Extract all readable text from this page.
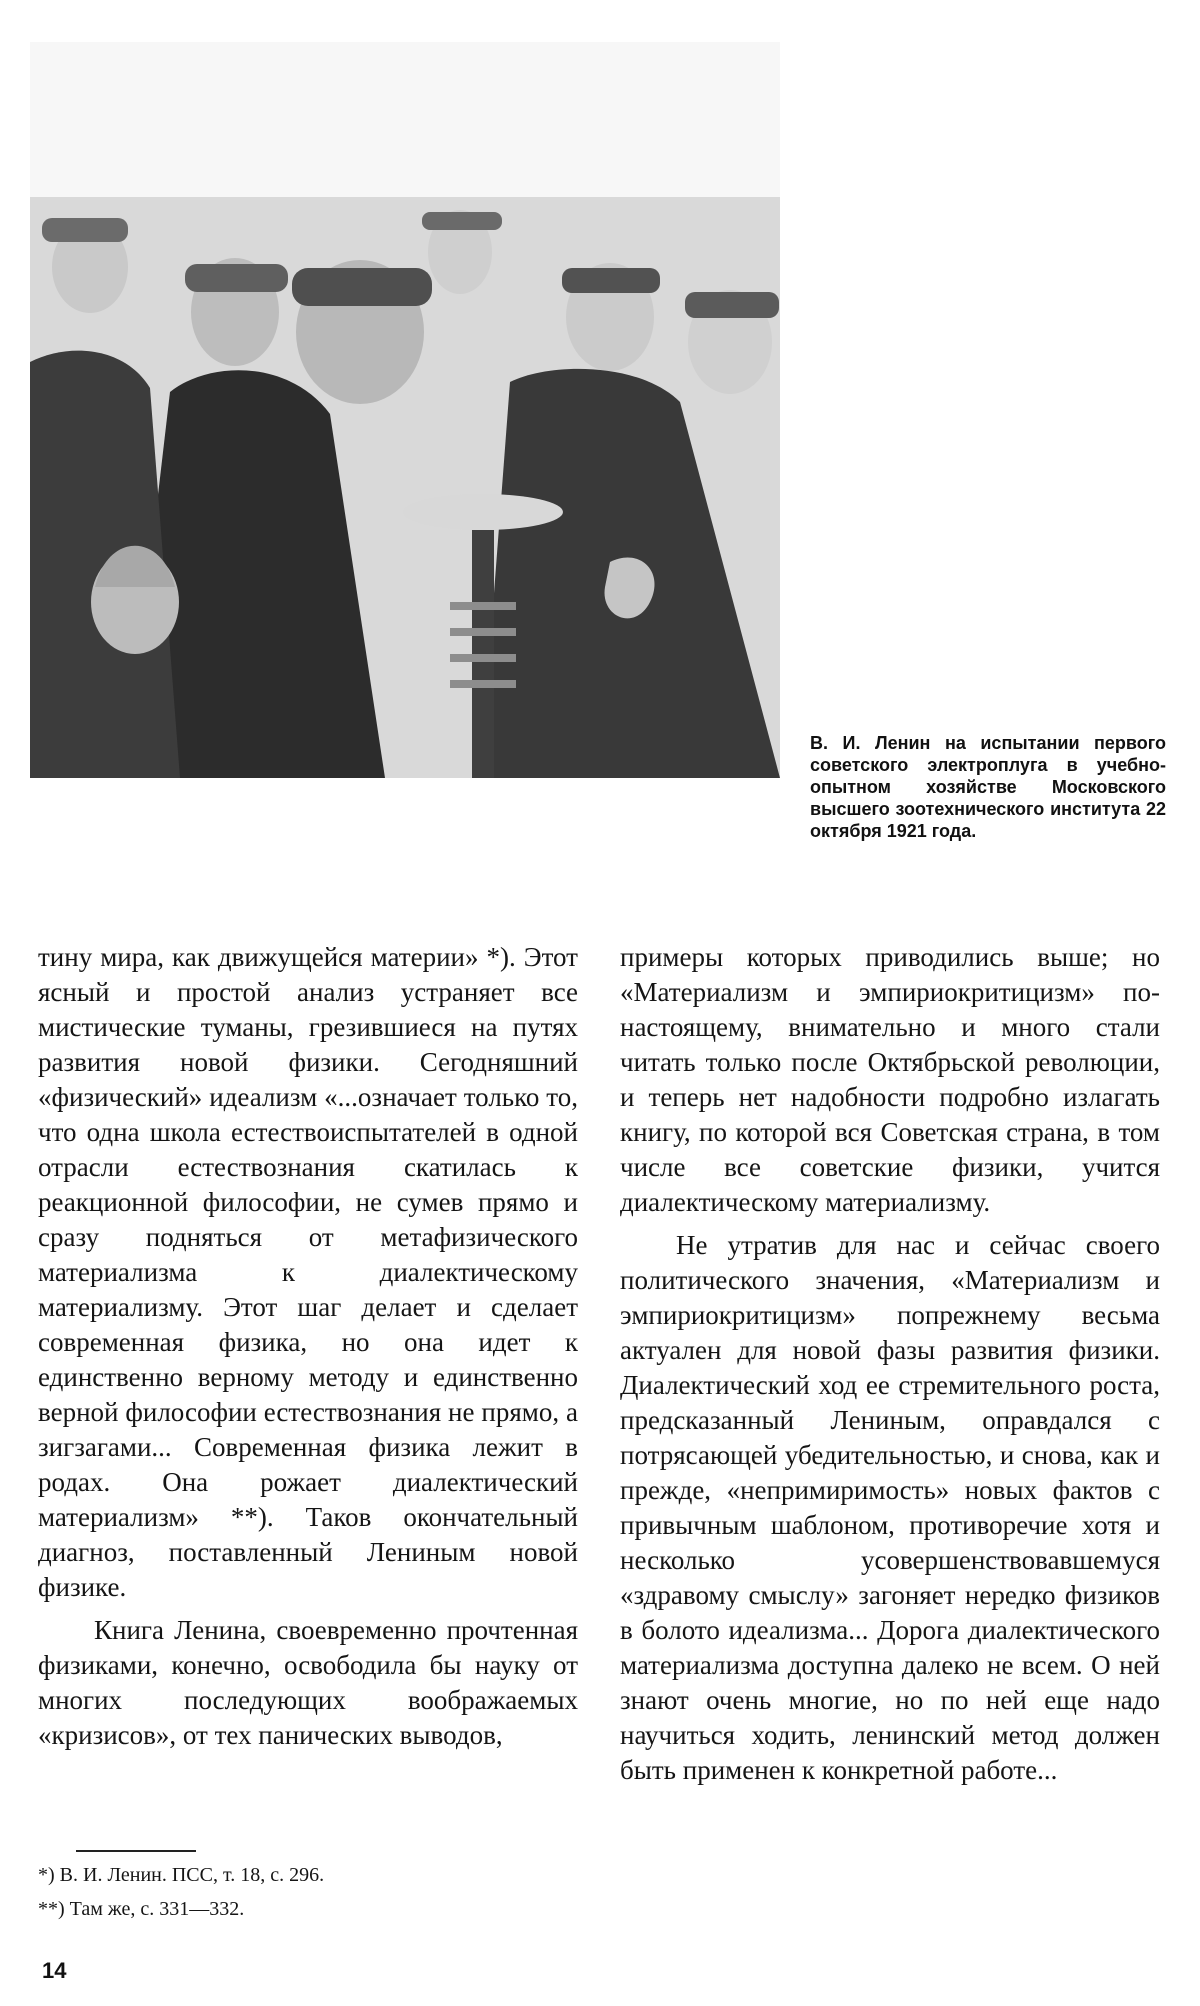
В. И. Ленин на испытании первого советского электроплуга в учебно-опытном хозяйстве Московского высшего зоотехнического института 22 октября 1921 года.

тину мира, как движущейся материи» *). Этот ясный и простой анализ устраняет все мистические туманы, грезившиеся на путях развития новой физики. Сегодняшний «физический» идеализм «...означает только то, что одна школа естествоиспытателей в одной отрасли естествознания скатилась к реакционной философии, не сумев прямо и сразу подняться от метафизического материализма к диалектическому материализму. Этот шаг делает и сделает современная физика, но она идет к единственно верному методу и единственно верной философии естествознания не прямо, а зигзагами... Современная физика лежит в родах. Она рожает диалектический материализм» **). Таков окончательный диагноз, поставленный Лениным новой физике.

Книга Ленина, своевременно прочтенная физиками, конечно, освободила бы науку от многих последующих воображаемых «кризисов», от тех панических выводов,

примеры которых приводились выше; но «Материализм и эмпириокритицизм» по-настоящему, внимательно и много стали читать только после Октябрьской революции, и теперь нет надобности подробно излагать книгу, по которой вся Советская страна, в том числе все советские физики, учится диалектическому материализму.

Не утратив для нас и сейчас своего политического значения, «Материализм и эмпириокритицизм» попрежнему весьма актуален для новой фазы развития физики. Диалектический ход ее стремительного роста, предсказанный Лениным, оправдался с потрясающей убедительностью, и снова, как и прежде, «непримиримость» новых фактов с привычным шаблоном, противоречие хотя и несколько усовершенствовавшемуся «здравому смыслу» загоняет нередко физиков в болото идеализма... Дорога диалектического материализма доступна далеко не всем. О ней знают очень многие, но по ней еще надо научиться ходить, ленинский метод должен быть применен к конкретной работе...

*) В. И. Ленин. ПСС, т. 18, с. 296.

**) Там же, с. 331—332.

14
